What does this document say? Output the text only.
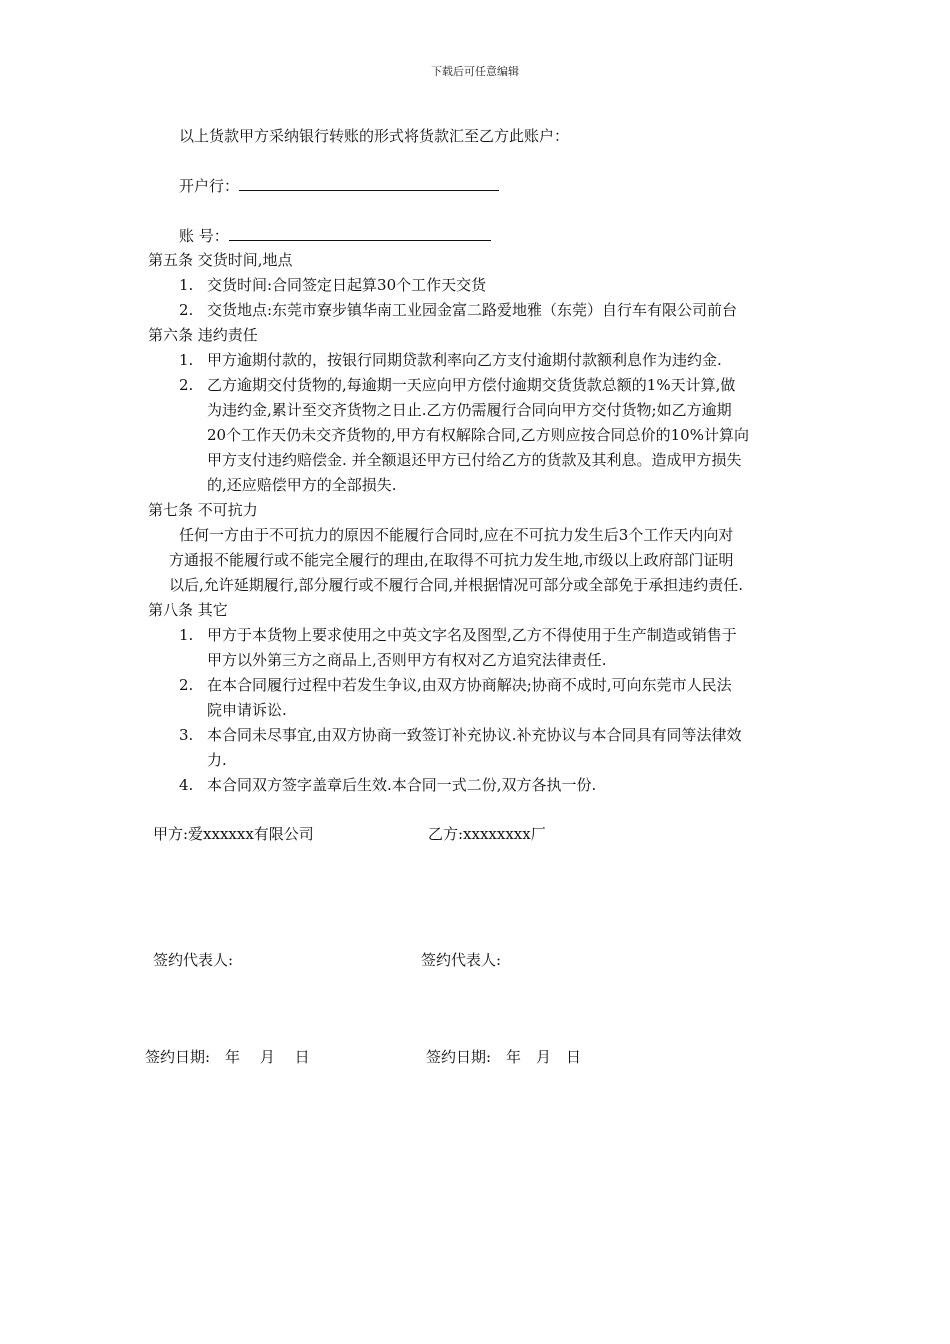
下载后可任意编辑
以上货款甲方采纳银行转账的形式将货款汇至乙方此账户：
开户行：
账 号：
第五条 交货时间,地点
1. 交货时间:合同签定日起算30个工作天交货
2. 交货地点:东莞市寮步镇华南工业园金富二路爱地雅（东莞）自行车有限公司前台
第六条 违约责任
1. 甲方逾期付款的，按银行同期贷款利率向乙方支付逾期付款额利息作为违约金.
2. 乙方逾期交付货物的,每逾期一天应向甲方偿付逾期交货货款总额的1%天计算,做
为违约金,累计至交齐货物之日止.乙方仍需履行合同向甲方交付货物;如乙方逾期
20个工作天仍未交齐货物的,甲方有权解除合同,乙方则应按合同总价的10%计算向
甲方支付违约赔偿金. 并全额退还甲方已付给乙方的货款及其利息。造成甲方损失
的,还应赔偿甲方的全部损失.
第七条 不可抗力
任何一方由于不可抗力的原因不能履行合同时,应在不可抗力发生后3个工作天内向对
方通报不能履行或不能完全履行的理由,在取得不可抗力发生地,市级以上政府部门证明
以后,允许延期履行,部分履行或不履行合同,并根据情况可部分或全部免于承担违约责任.
第八条 其它
1. 甲方于本货物上要求使用之中英文字名及图型,乙方不得使用于生产制造或销售于
甲方以外第三方之商品上,否则甲方有权对乙方追究法律责任.
2. 在本合同履行过程中若发生争议,由双方协商解决;协商不成时,可向东莞市人民法
院申请诉讼.
3. 本合同未尽事宜,由双方协商一致签订补充协议.补充协议与本合同具有同等法律效
力.
4. 本合同双方签字盖章后生效.本合同一式二份,双方各执一份.
甲方:爱xxxxxx有限公司	乙方:xxxxxxxx厂
签约代表人:	签约代表人:
签约日期:　年　 月　 日	签约日期:　年　月　日
